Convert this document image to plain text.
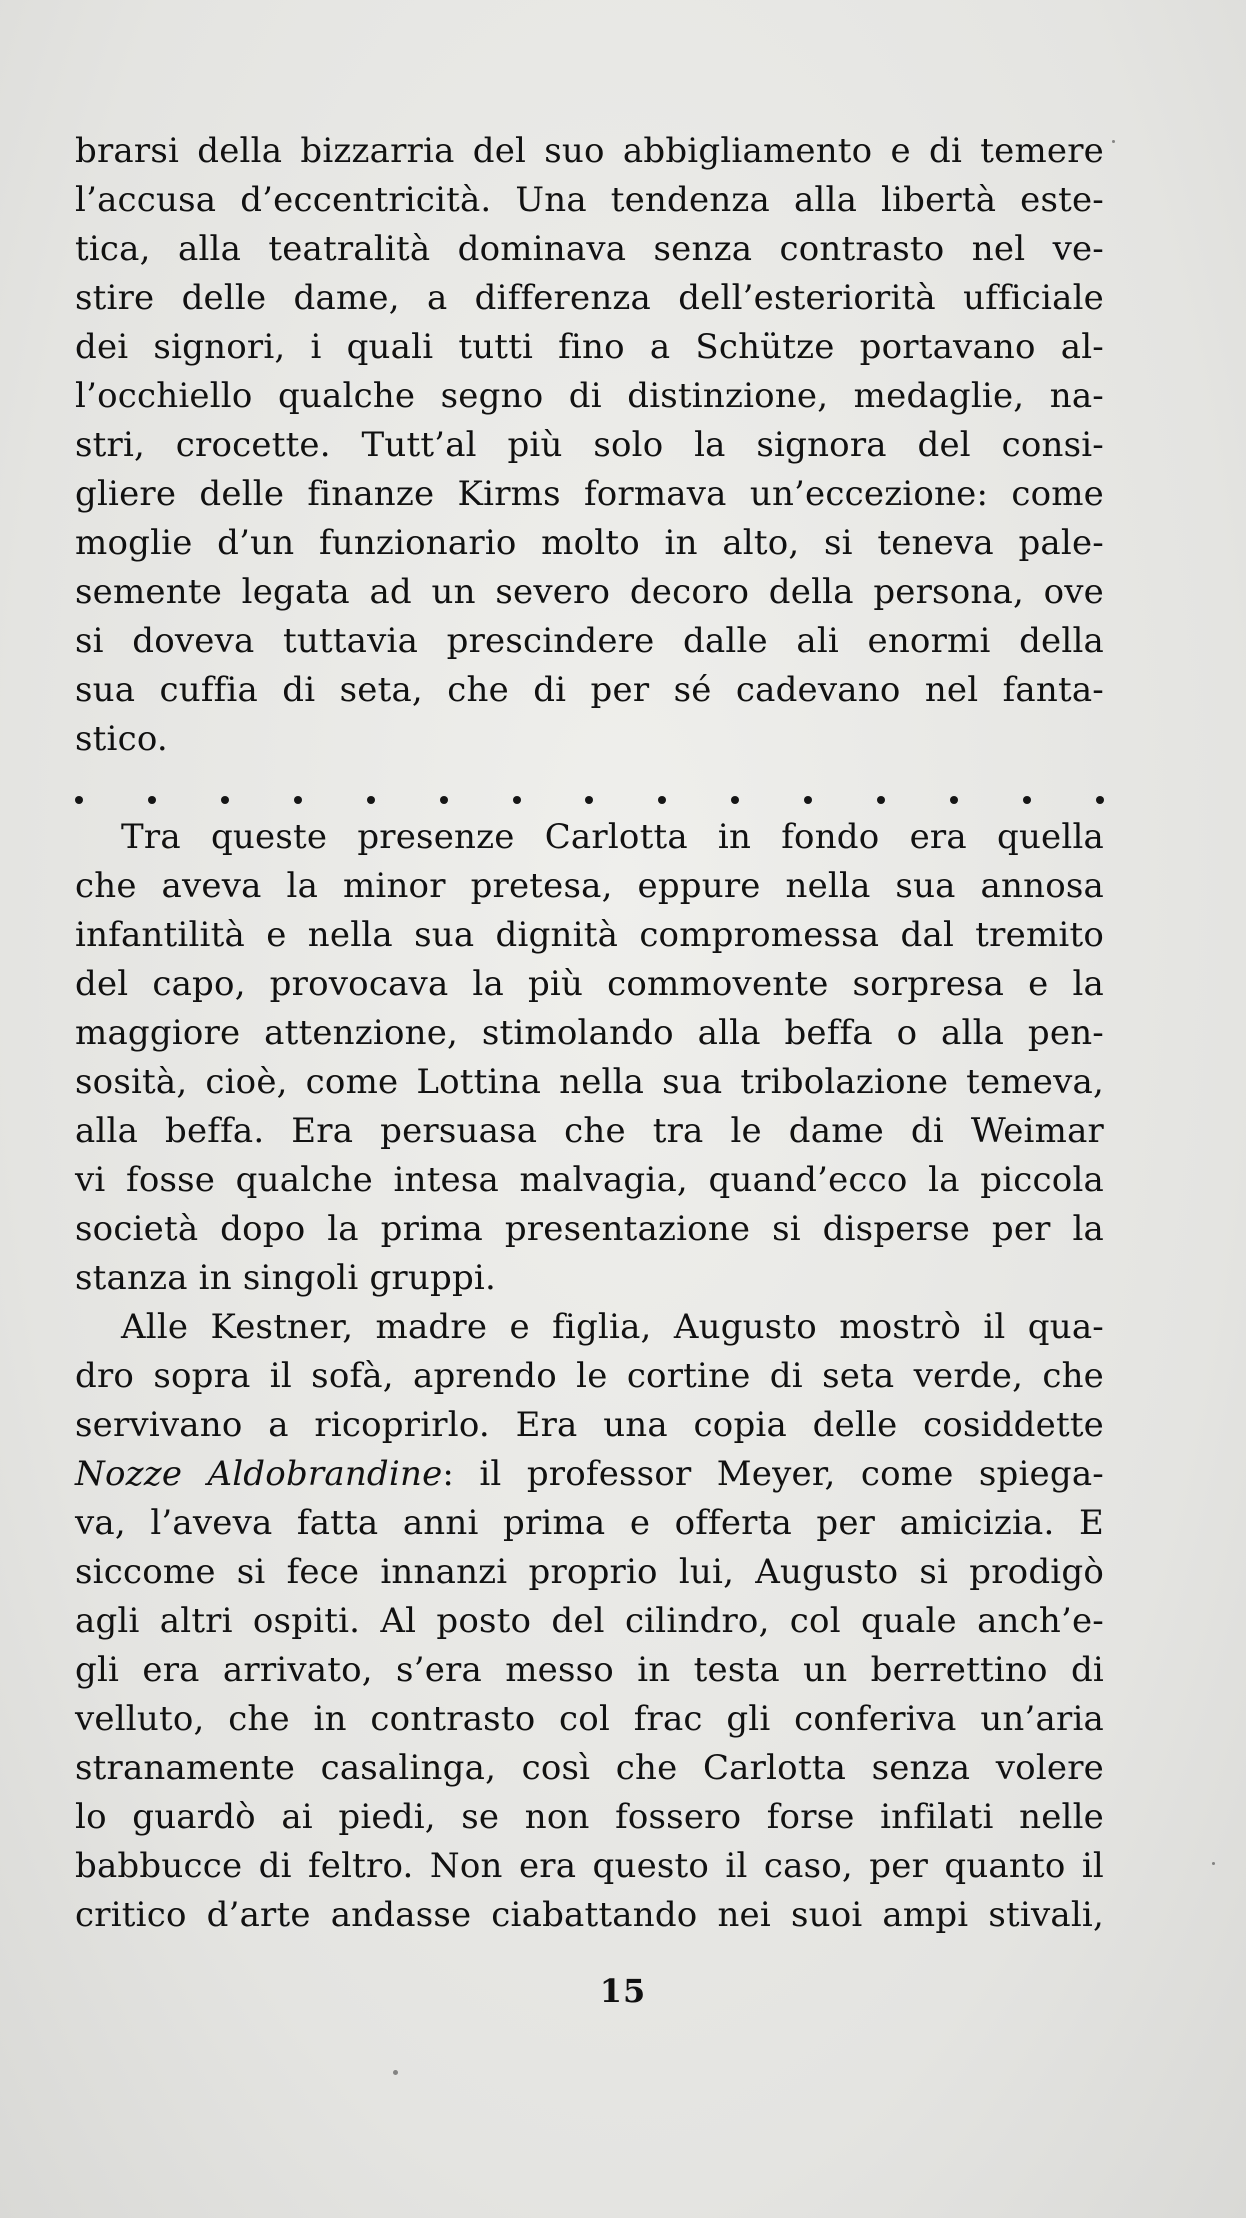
brarsi della bizzarria del suo abbigliamento e di temere
l’accusa d’eccentricità. Una tendenza alla libertà este-
tica, alla teatralità dominava senza contrasto nel ve-
stire delle dame, a differenza dell’esteriorità ufficiale
dei signori, i quali tutti fino a Schütze portavano al-
l’occhiello qualche segno di distinzione, medaglie, na-
stri, crocette. Tutt’al più solo la signora del consi-
gliere delle finanze Kirms formava un’eccezione: come
moglie d’un funzionario molto in alto, si teneva pale-
semente legata ad un severo decoro della persona, ove
si doveva tuttavia prescindere dalle ali enormi della
sua cuffia di seta, che di per sé cadevano nel fanta-
stico.
Tra queste presenze Carlotta in fondo era quella
che aveva la minor pretesa, eppure nella sua annosa
infantilità e nella sua dignità compromessa dal tremito
del capo, provocava la più commovente sorpresa e la
maggiore attenzione, stimolando alla beffa o alla pen-
sosità, cioè, come Lottina nella sua tribolazione temeva,
alla beffa. Era persuasa che tra le dame di Weimar
vi fosse qualche intesa malvagia, quand’ecco la piccola
società dopo la prima presentazione si disperse per la
stanza in singoli gruppi.
Alle Kestner, madre e figlia, Augusto mostrò il qua-
dro sopra il sofà, aprendo le cortine di seta verde, che
servivano a ricoprirlo. Era una copia delle cosiddette
Nozze Aldobrandine: il professor Meyer, come spiega-
va, l’aveva fatta anni prima e offerta per amicizia. E
siccome si fece innanzi proprio lui, Augusto si prodigò
agli altri ospiti. Al posto del cilindro, col quale anch’e-
gli era arrivato, s’era messo in testa un berrettino di
velluto, che in contrasto col frac gli conferiva un’aria
stranamente casalinga, così che Carlotta senza volere
lo guardò ai piedi, se non fossero forse infilati nelle
babbucce di feltro. Non era questo il caso, per quanto il
critico d’arte andasse ciabattando nei suoi ampi stivali,
15
